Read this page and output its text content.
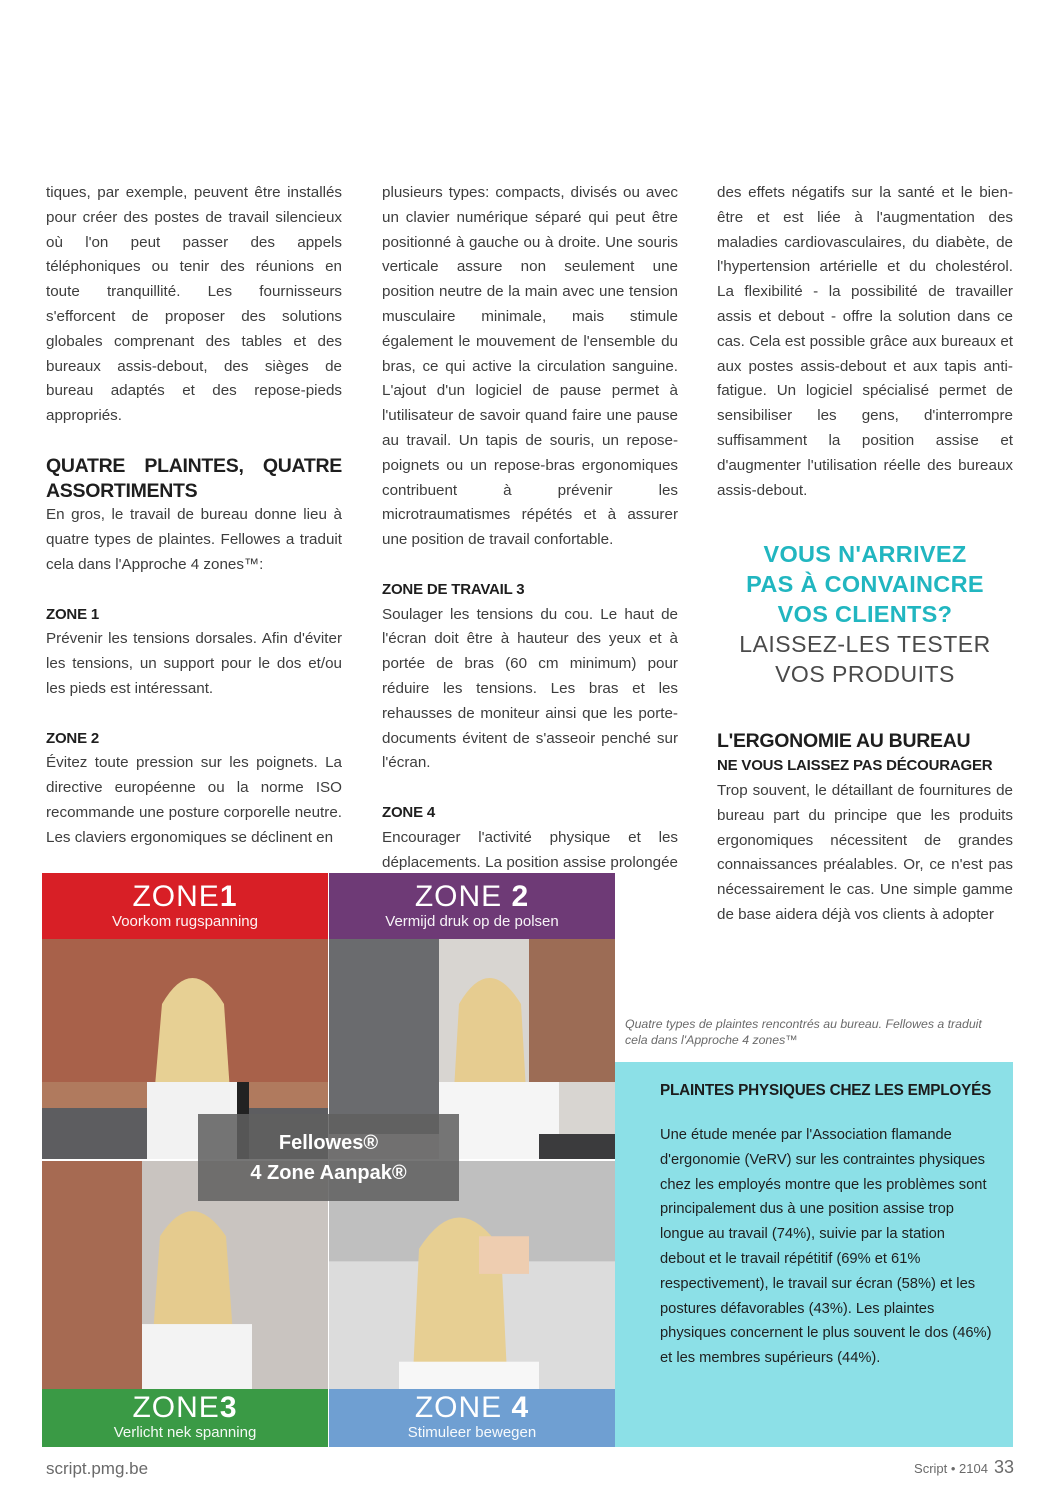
tiques, par exemple, peuvent être installés pour créer des postes de travail silencieux où l'on peut passer des appels téléphoniques ou tenir des réunions en toute tranquillité. Les fournisseurs s'efforcent de proposer des solutions globales comprenant des tables et des bureaux assis-debout, des sièges de bureau adaptés et des repose-pieds appropriés.

QUATRE PLAINTES, QUATRE ASSORTIMENTS

En gros, le travail de bureau donne lieu à quatre types de plaintes. Fellowes a traduit cela dans l'Approche 4 zones™:

ZONE 1

Prévenir les tensions dorsales. Afin d'éviter les tensions, un support pour le dos et/ou les pieds est intéressant.

ZONE 2

Évitez toute pression sur les poignets. La directive européenne ou la norme ISO recommande une posture corporelle neutre. Les claviers ergonomiques se déclinent en

plusieurs types: compacts, divisés ou avec un clavier numérique séparé qui peut être positionné à gauche ou à droite. Une souris verticale assure non seulement une position neutre de la main avec une tension musculaire minimale, mais stimule également le mouvement de l'ensemble du bras, ce qui active la circulation sanguine. L'ajout d'un logiciel de pause permet à l'utilisateur de savoir quand faire une pause au travail. Un tapis de souris, un repose-poignets ou un repose-bras ergonomiques contribuent à prévenir les microtraumatismes répétés et à assurer une position de travail confortable.

ZONE DE TRAVAIL 3

Soulager les tensions du cou. Le haut de l'écran doit être à hauteur des yeux et à portée de bras (60 cm minimum) pour réduire les tensions. Les bras et les rehausses de moniteur ainsi que les porte-documents évitent de s'asseoir penché sur l'écran.

ZONE 4

Encourager l'activité physique et les déplacements. La position assise prolongée

des effets négatifs sur la santé et le bien-être et est liée à l'augmentation des maladies cardiovasculaires, du diabète, de l'hypertension artérielle et du cholestérol. La flexibilité - la possibilité de travailler assis et debout - offre la solution dans ce cas. Cela est possible grâce aux bureaux et aux postes assis-debout et aux tapis anti-fatigue. Un logiciel spécialisé permet de sensibiliser les gens, d'interrompre suffisamment la position assise et d'augmenter l'utilisation réelle des bureaux assis-debout.

VOUS N'ARRIVEZ

PAS À CONVAINCRE

VOS CLIENTS?

LAISSEZ-LES TESTER

VOS PRODUITS

L'ERGONOMIE AU BUREAU
NE VOUS LAISSEZ PAS DÉCOURAGER

Trop souvent, le détaillant de fournitures de bureau part du principe que les produits ergonomiques nécessitent de grandes connaissances préalables. Or, ce n'est pas nécessairement le cas. Une simple gamme de base aidera déjà vos clients à adopter

ZONE1
Voorkom rugspanning
ZONE 2
Vermijd druk op de polsen
ZONE3
Verlicht nek spanning
ZONE 4
Stimuleer bewegen
Fellowes®
4 Zone Aanpak®
Quatre types de plaintes rencontrés au bureau. Fellowes a traduit cela dans l'Approche 4 zones™
PLAINTES PHYSIQUES CHEZ LES EMPLOYÉS

Une étude menée par l'Association flamande d'ergonomie (VeRV) sur les contraintes physiques chez les employés montre que les problèmes sont principalement dus à une position assise trop longue au travail (74%), suivie par la station debout et le travail répétitif (69% et 61% respectivement), le travail sur écran (58%) et les postures défavorables (43%). Les plaintes physiques concernent le plus souvent le dos (46%) et les membres supérieurs (44%).

script.pmg.be	Script • 2104 33
